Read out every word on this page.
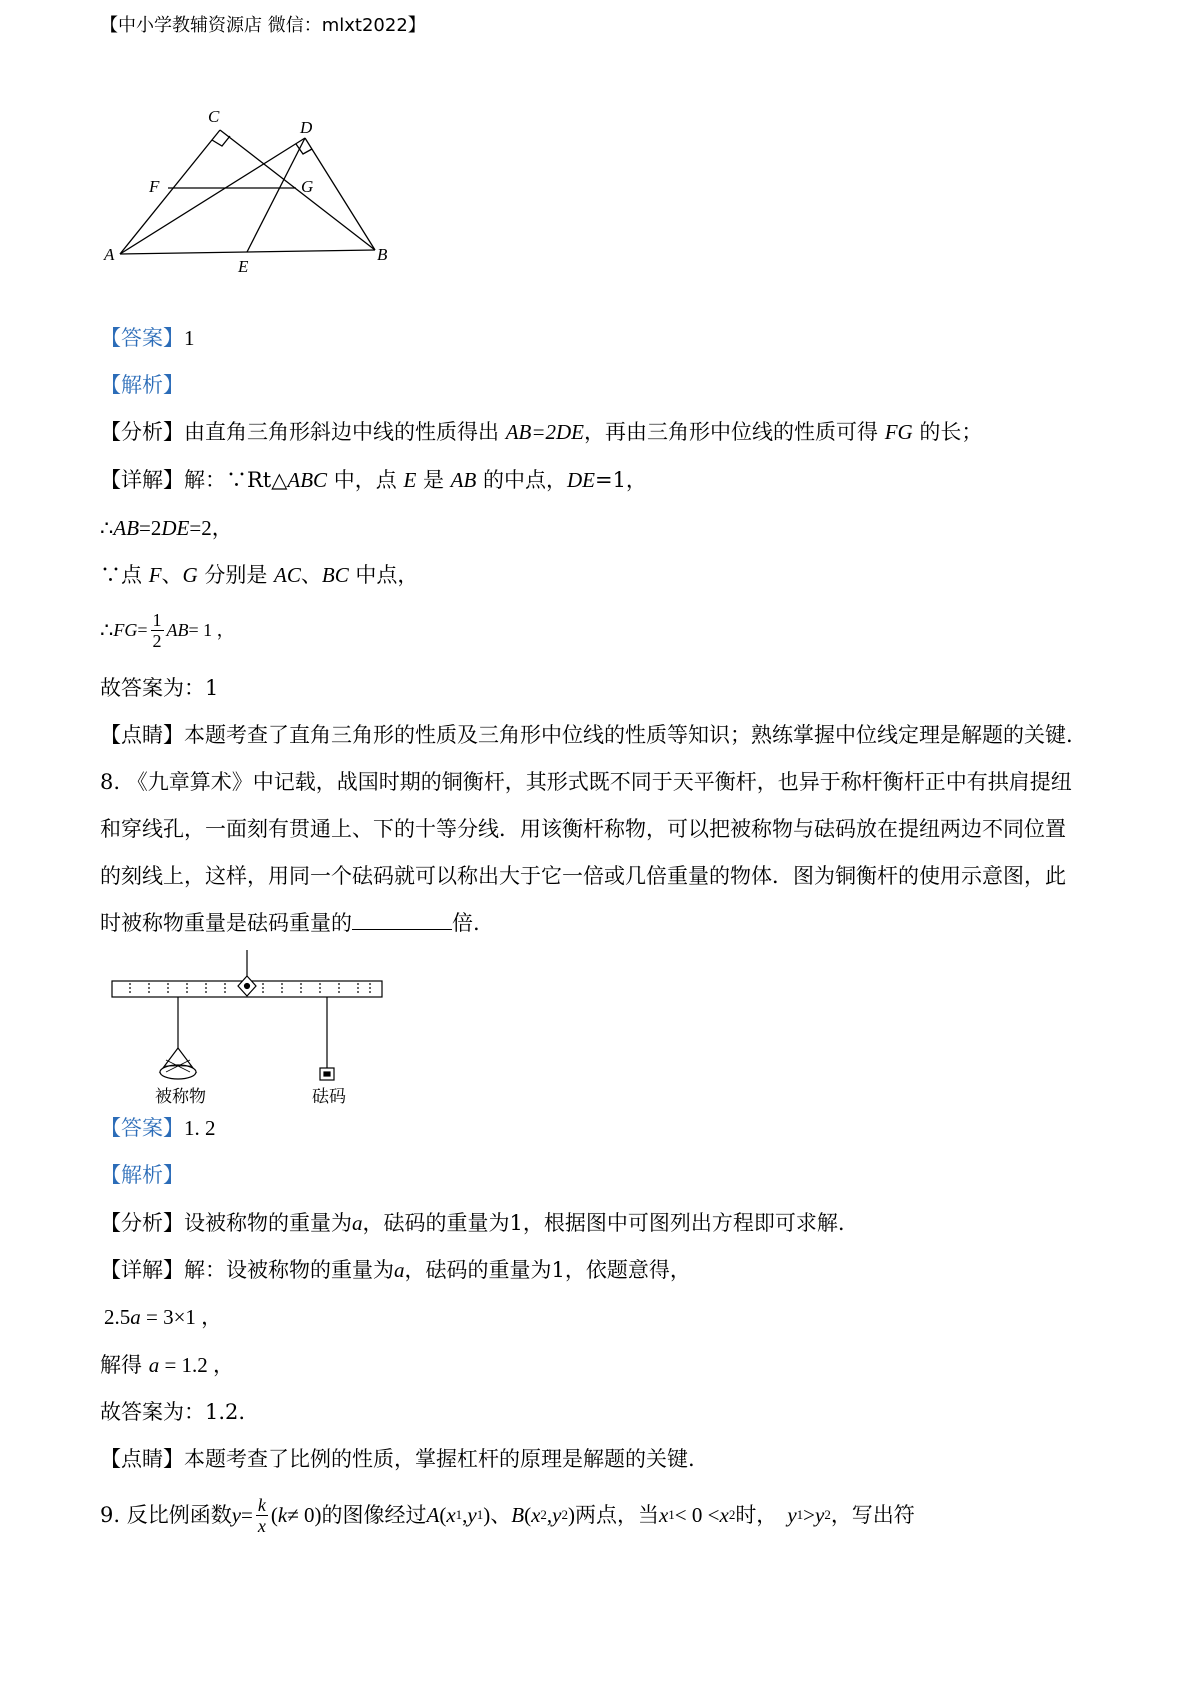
【中小学教辅资源店 微信：mlxt2022】
C
D
F	G
A	B
E
【答案】1
【解析】
【分析】由直角三角形斜边中线的性质得出 AB=2DE，再由三角形中位线的性质可得 FG 的长；
【详解】解：∵Rt△ABC 中，点 E 是 AB 的中点，DE=1，
∴AB=2DE=2，
∵点 F、G 分别是 AC、BC 中点，
∴ FG = $\frac{1}{2}$ AB = 1 ，
故答案为：1
【点睛】本题考查了直角三角形的性质及三角形中位线的性质等知识；熟练掌握中位线定理是解题的关键.
8. 《九章算术》中记载，战国时期的铜衡杆，其形式既不同于天平衡杆，也异于称杆衡杆正中有拱肩提纽
和穿线孔，一面刻有贯通上、下的十等分线．用该衡杆称物，可以把被称物与砝码放在提纽两边不同位置
的刻线上，这样，用同一个砝码就可以称出大于它一倍或几倍重量的物体．图为铜衡杆的使用示意图，此
时被称物重量是砝码重量的	倍.
被称物	砝码
【答案】1. 2
【解析】
【分析】设被称物的重量为a，砝码的重量为1，根据图中可图列出方程即可求解.
【详解】解：设被称物的重量为a，砝码的重量为1，依题意得，
2.5a = 3×1 ，
解得 a = 1.2 ，
故答案为：1.2.
【点睛】本题考查了比例的性质，掌握杠杆的原理是解题的关键.
9. 反比例函数 $y = \frac{k}{x}$ ( k ≠ 0) 的图像经过 A ( x 1 , y 1 ) 、 B ( x 2 , y 2 ) 两点，当 x 1 < 0 < x 2 时， y 1 > y 2 ，写出符
